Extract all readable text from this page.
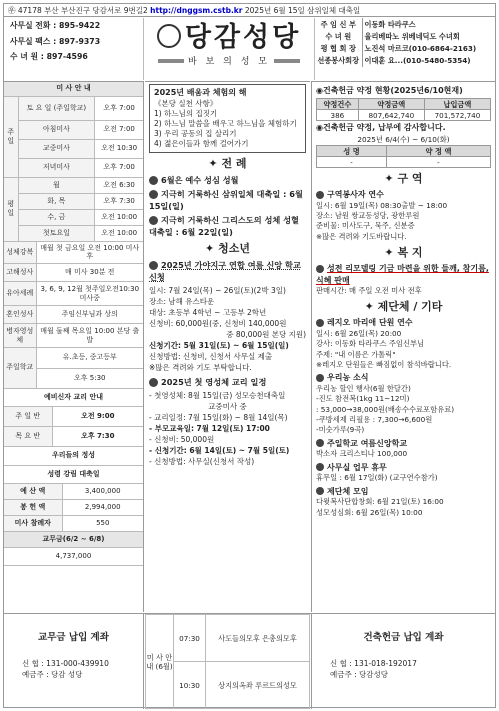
㉾ 47178 부산 부산진구 당감서로 9번길2 http://dnggsm.cstb.kr 2025년 6월 15일 삼위일체 대축일
사무실 전화 : 895-9422
사무실 팩스 : 897-9373
수 녀 원 : 897-4596
당감성당
바 보 의 성 모
주 임 신 부	이동화 타라쿠스
수 녀 원	율리베따노 위베네딕도 수녀회
평 협 회 장	노진석 마르코(010-6864-2163)
선종봉사회장	이대훈 요...(010-5480-5354)
미 사 안 내		
주일	토 요 일 (주일학교)	오후 7:00
	아침미사	오전 7:00
	교중미사	오전 10:30
	저녁미사	오후 7:00
평일	월	오전 6:30
	화, 목	오후 7:30
	수, 금	오전 10:00
	첫토요일	오전 10:00
성체강복	매월 첫 금요일 오전 10:00 미사후
고해성사	매 미사 30분 전
유아세례	3, 6, 9, 12월 첫주일오전10:30미사중
혼인성사	주임신부님과 상의
병자영성체	매월 둘째 목요일 10:00 본당 출발
주일학교	유.초등, 중고등부
오후 5:30
예비신자 교리 안내	
주 일 반	오전 9:00
목 요 반	오후 7:30
우리들의 정성	
성령 강림 대축일	
예 산 액	3,400,000
봉 헌 액	2,994,000
미사 참례자	550
교무금(6/2 ~ 6/8)	
4,737,000	
2025년 배움과 체험의 해

《본당 실천 사항》

1) 하느님의 집짓기

2) 하느님 말씀을 배우고 하느님을 체험하기

3) 우리 공동의 집 살리기

4) 젊은이들과 함께 걸어가기

✦ 전 례
6월은 예수 성심 성월
지극히 거룩하신 삼위일체 대축일 : 6월 15일(일)
지극히 거룩하신 그리스도의 성체 성혈 대축일 : 6월 22일(일)
✦ 청소년
2025년 가야지구 연합 여름 신앙 학교 신청
일시: 7월 24일(목) ~ 26일(토)(2박 3일)
장소: 남해 유스타운
대상: 초등부 4학년 ~ 고등부 2학년
신청비: 60,000원(중, 신청비 140,000원
중 80,000원 본당 지원)
신청기간: 5월 31일(토) ~ 6월 15일(일)
신청방법: 신청비, 신청서 사무실 제출
※많은 격려와 기도 부탁합니다.
2025년 첫 영성체 교리 일정
- 첫영성체: 8월 15일(금) 성모승천대축일
교중미사 중
- 교리일정: 7월 15일(화) ~ 8월 14일(목)
- 부모교육일: 7월 12일(토) 17:00
- 신청비: 50,000원
- 신청기간: 6월 14일(토) ~ 7월 5일(토)
- 신청방법: 사무실(신청서 작성)
◉건축헌금 약정 현황(2025년6/10현재)
약정건수	약정금액	납입금액
386	807,642,740	701,572,740
◉건축헌금 약정, 납부에 감사합니다.
2025년 6/4(수) ~ 6/10(화)
성 명	약 정 액
-	-
✦ 구 역
구역봉사자 연수
일시: 6월 19일(목) 08:30출발 ~ 18:00
장소: 남원 쌍교동성당, 광한루원
준비물: 미사도구, 묵주, 신분증
※많은 격려와 기도바랍니다.
✦ 복 지
성전 리모델링 기금 마련을 위한 들깨, 참기름, 식혜 판매
판매시간: 매 주일 오전 미사 전후
✦ 제단체 / 기타
레지오 마리애 단원 연수
일시: 6월 26일(목) 20:00
강사: 이동화 타라쿠스 주임신부님
주제: "내 이름은 가톨릭"
※레지오 단원들은 빠짐없이 참석바랍니다.
우리농 소식
우리농 할인 행사(6월 한달간)
-진도 참전복(1kg 11~12미)
: 53,000→38,000원(배송수수료포함유료)
-쿠방세제 리필용 : 7,300→6,600원
-미숫가루(9곡)
주일학교 여름신앙학교
박소자 크리스티나 100,000
사무실 업무 휴무
휴무일 : 6월 17일(화) (교구연수참가)
제단체 모임
다윗복사단합창회: 6월 21일(토) 16:00
성모성심회: 6월 26일(목) 10:00
교무금 납입 계좌
신 협 : 131-000-439910
예금주 : 당감 성당
미 사 안 내 (6월)	07:30	사도들의모후 은총의모후
	10:30	상지의옥좌 루르드의성모
건축헌금 납입 계좌
신 협 : 131-018-192017
예금주 : 당감성당
